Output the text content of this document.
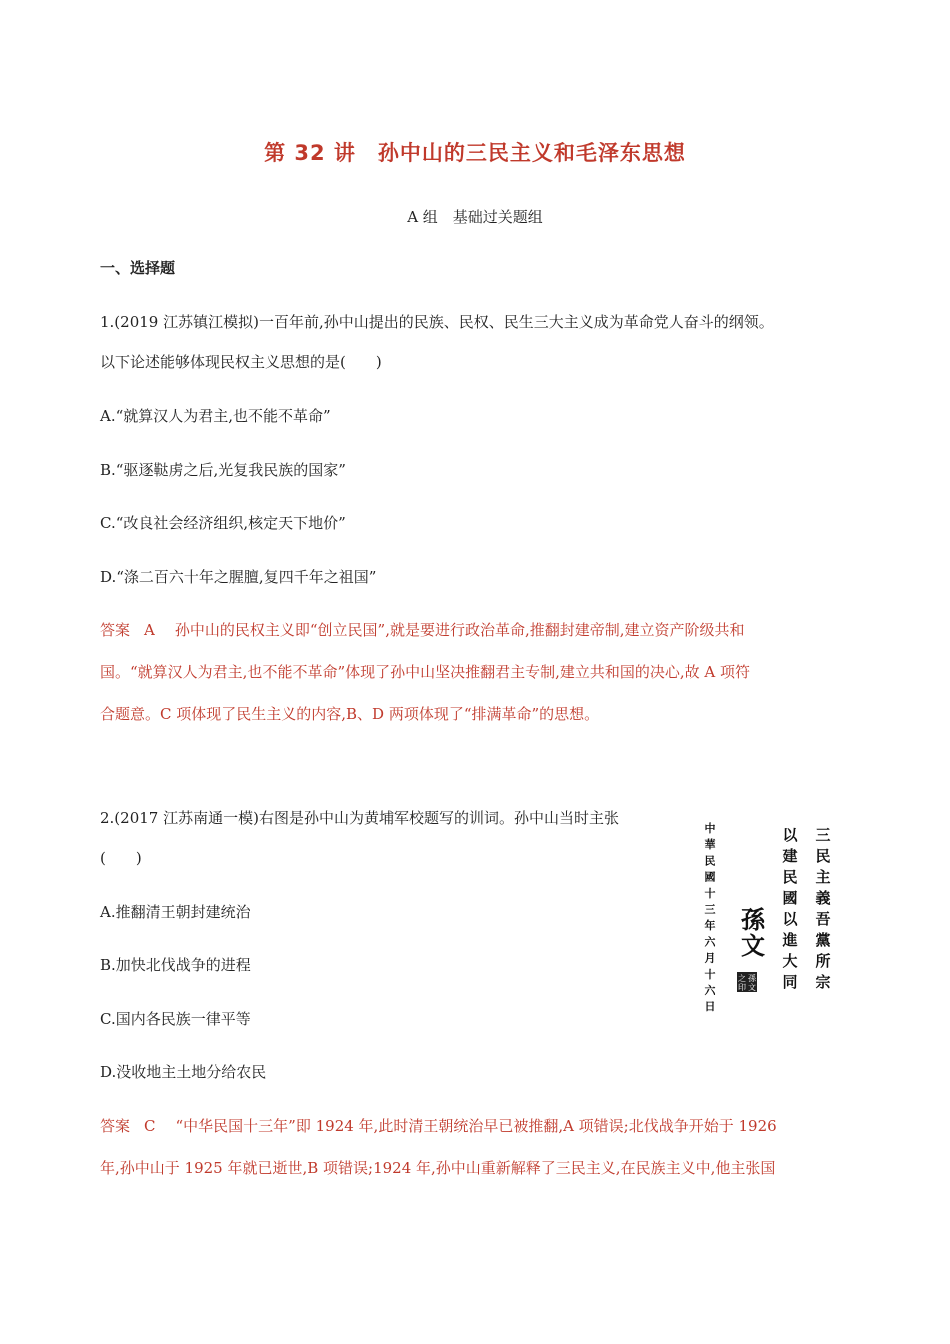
第 32 讲　孙中山的三民主义和毛泽东思想
A 组　基础过关题组
一、选择题
1.(2019 江苏镇江模拟)一百年前,孙中山提出的民族、民权、民生三大主义成为革命党人奋斗的纲领。
以下论述能够体现民权主义思想的是(　　)
A.“就算汉人为君主,也不能不革命”
B.“驱逐鞑虏之后,光复我民族的国家”
C.“改良社会经济组织,核定天下地价”
D.“涤二百六十年之腥膻,复四千年之祖国”
答案 A 孙中山的民权主义即“创立民国”,就是要进行政治革命,推翻封建帝制,建立资产阶级共和
国。“就算汉人为君主,也不能不革命”体现了孙中山坚决推翻君主专制,建立共和国的决心,故 A 项符
合题意。C 项体现了民生主义的内容,B、D 两项体现了“排满革命”的思想。
2.(2017 江苏南通一模)右图是孙中山为黄埔军校题写的训词。孙中山当时主张
(　　)
A.推翻清王朝封建统治
B.加快北伐战争的进程
C.国内各民族一律平等
D.没收地主土地分给农民
答案 C “中华民国十三年”即 1924 年,此时清王朝统治早已被推翻,A 项错误;北伐战争开始于 1926
年,孙中山于 1925 年就已逝世,B 项错误;1924 年,孙中山重新解释了三民主义,在民族主义中,他主张国
三
民
主
義
吾
黨
所
宗
以
建
民
國
以
進
大
同
孫
文
孫
文
之
印
中
華
民
國
十
三
年
六
月
十
六
日
